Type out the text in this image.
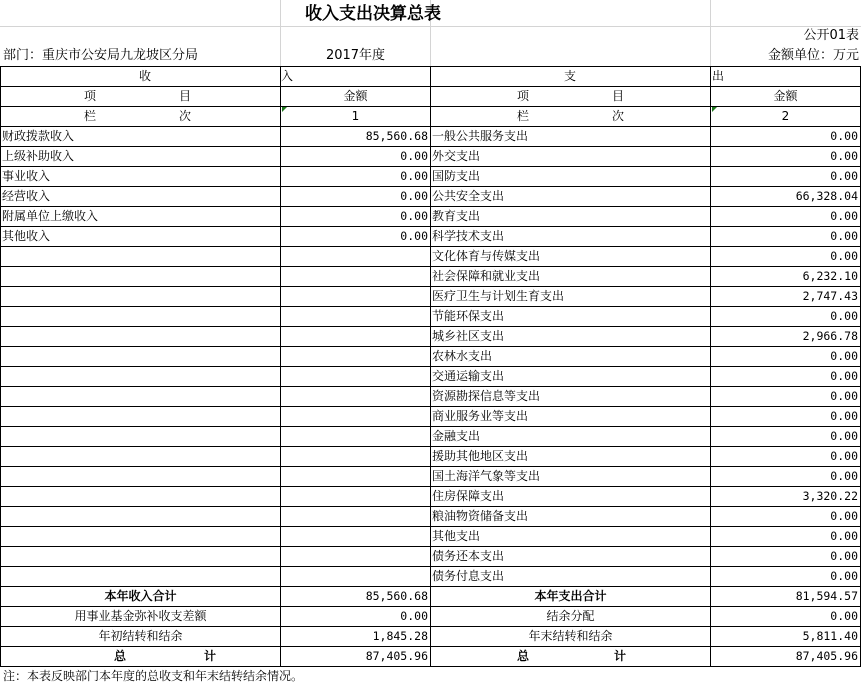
收入支出决算总表
公开01表
部门：重庆市公安局九龙坡区分局	2017年度	金额单位：万元
收	入	支	出
项	目	金额	项	目	金额
栏	次	1	栏	次	2
财政拨款收入	85,560.68 一般公共服务支出	0.00
上级补助收入	0.00 外交支出	0.00
事业收入	0.00 国防支出	0.00
经营收入	0.00 公共安全支出	66,328.04
附属单位上缴收入	0.00 教育支出	0.00
其他收入	0.00 科学技术支出	0.00
文化体育与传媒支出	0.00
社会保障和就业支出	6,232.10
医疗卫生与计划生育支出	2,747.43
节能环保支出	0.00
城乡社区支出	2,966.78
农林水支出	0.00
交通运输支出	0.00
资源勘探信息等支出	0.00
商业服务业等支出	0.00
金融支出	0.00
援助其他地区支出	0.00
国土海洋气象等支出	0.00
住房保障支出	3,320.22
粮油物资储备支出	0.00
其他支出	0.00
债务还本支出	0.00
债务付息支出	0.00
本年收入合计	85,560.68	本年支出合计	81,594.57
用事业基金弥补收支差额	0.00	结余分配	0.00
年初结转和结余	1,845.28	年末结转和结余	5,811.40
总	计	87,405.96	总	计	87,405.96
注：本表反映部门本年度的总收支和年末结转结余情况。
